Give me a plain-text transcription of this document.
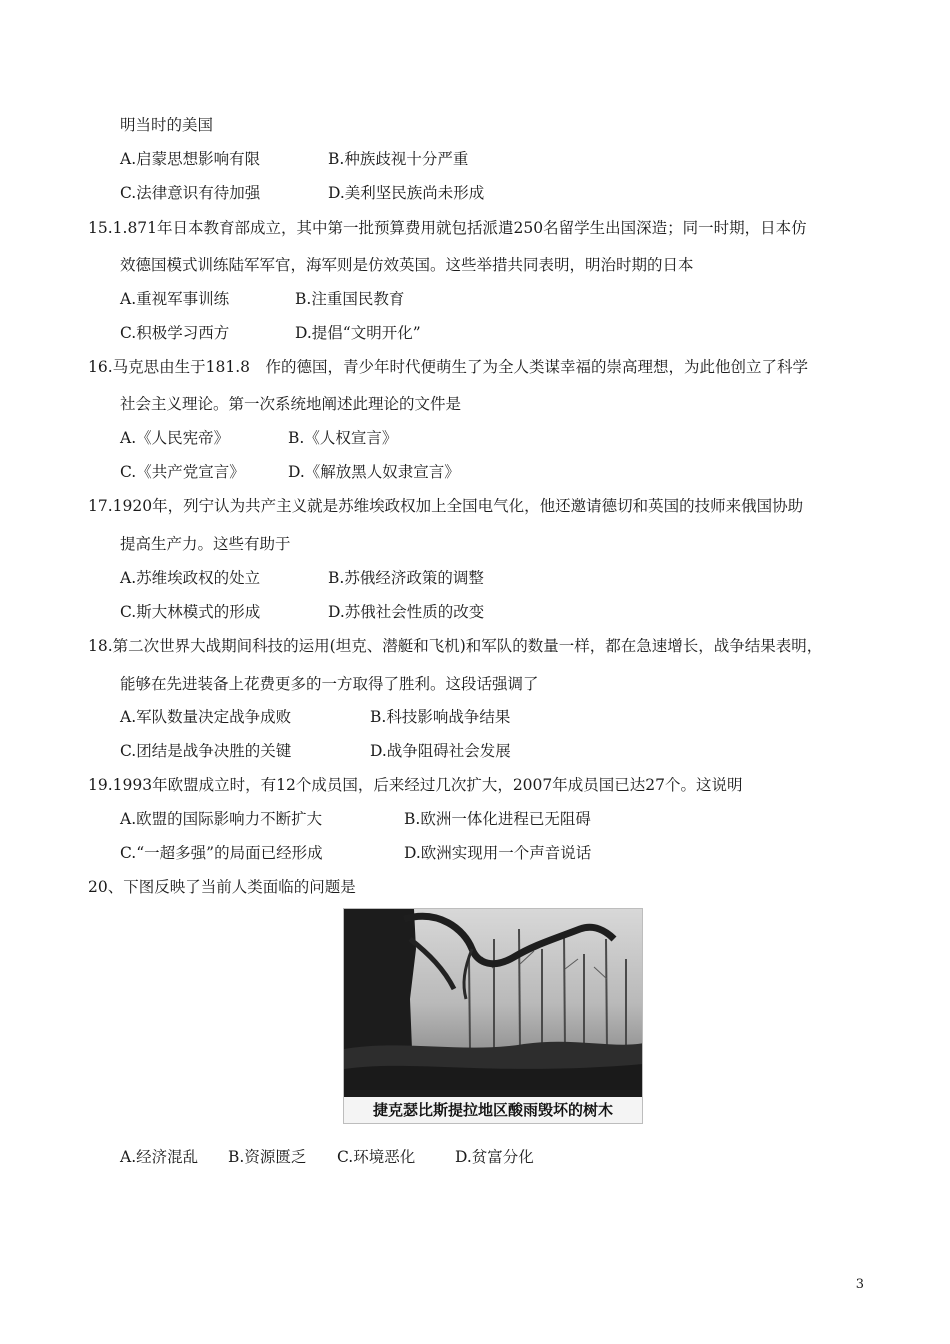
明当时的美国
A.启蒙思想影响有限	B.种族歧视十分严重
C.法律意识有待加强	D.美利坚民族尚未形成
15.1.871年日本教育部成立，其中第一批预算费用就包括派遣250名留学生出国深造；同一时期，日本仿
效德国模式训练陆军军官，海军则是仿效英国。这些举措共同表明，明治时期的日本
A.重视军事训练	B.注重国民教育
C.积极学习西方	D.提倡“文明开化”
16.马克思由生于181.8　作的德国，青少年时代便萌生了为全人类谋幸福的崇高理想，为此他创立了科学
社会主义理论。第一次系统地阐述此理论的文件是
A.《人民宪帝》	B.《人权宣言》
C.《共产党宣言》	D.《解放黑人奴隶宣言》
17.1920年，列宁认为共产主义就是苏维埃政权加上全国电气化，他还邀请德切和英国的技师来俄国协助
提高生产力。这些有助于
A.苏维埃政权的处立	B.苏俄经济政策的调整
C.斯大林模式的形成	D.苏俄社会性质的改变
18.第二次世界大战期间科技的运用(坦克、潜艇和飞机)和军队的数量一样，都在急速增长，战争结果表明，
能够在先进装备上花费更多的一方取得了胜利。这段话强调了
A.军队数量决定战争成败	B.科技影响战争结果
C.团结是战争决胜的关键	D.战争阻碍社会发展
19.1993年欧盟成立时，有12个成员国，后来经过几次扩大，2007年成员国已达27个。这说明
A.欧盟的国际影响力不断扩大	B.欧洲一体化进程已无阻碍
C.“一超多强”的局面已经形成	D.欧洲实现用一个声音说话
20、下图反映了当前人类面临的问题是
捷克瑟比斯提拉地区酸雨毁坏的树木
A.经济混乱 B.资源匮乏 C.环境恶化	D.贫富分化
3
